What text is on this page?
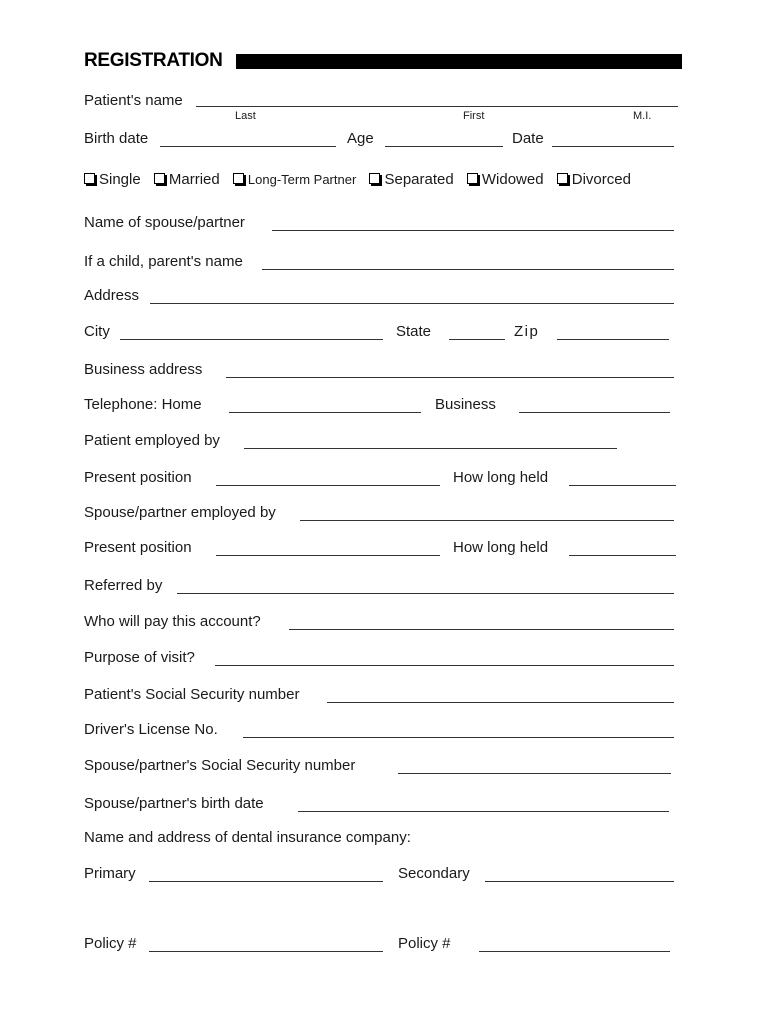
REGISTRATION
Patient's name
Last	First	M.I.
Birth date	Age	Date
Single Married Long-Term Partner Separated Widowed Divorced
Name of spouse/partner
If a child, parent's name
Address
City	State	Zip
Business address
Telephone: Home	Business
Patient employed by
Present position	How long held
Spouse/partner employed by
Present position	How long held
Referred by
Who will pay this account?
Purpose of visit?
Patient's Social Security number
Driver's License No.
Spouse/partner's Social Security number
Spouse/partner's birth date
Name and address of dental insurance company:
Primary	Secondary
Policy #	Policy #
